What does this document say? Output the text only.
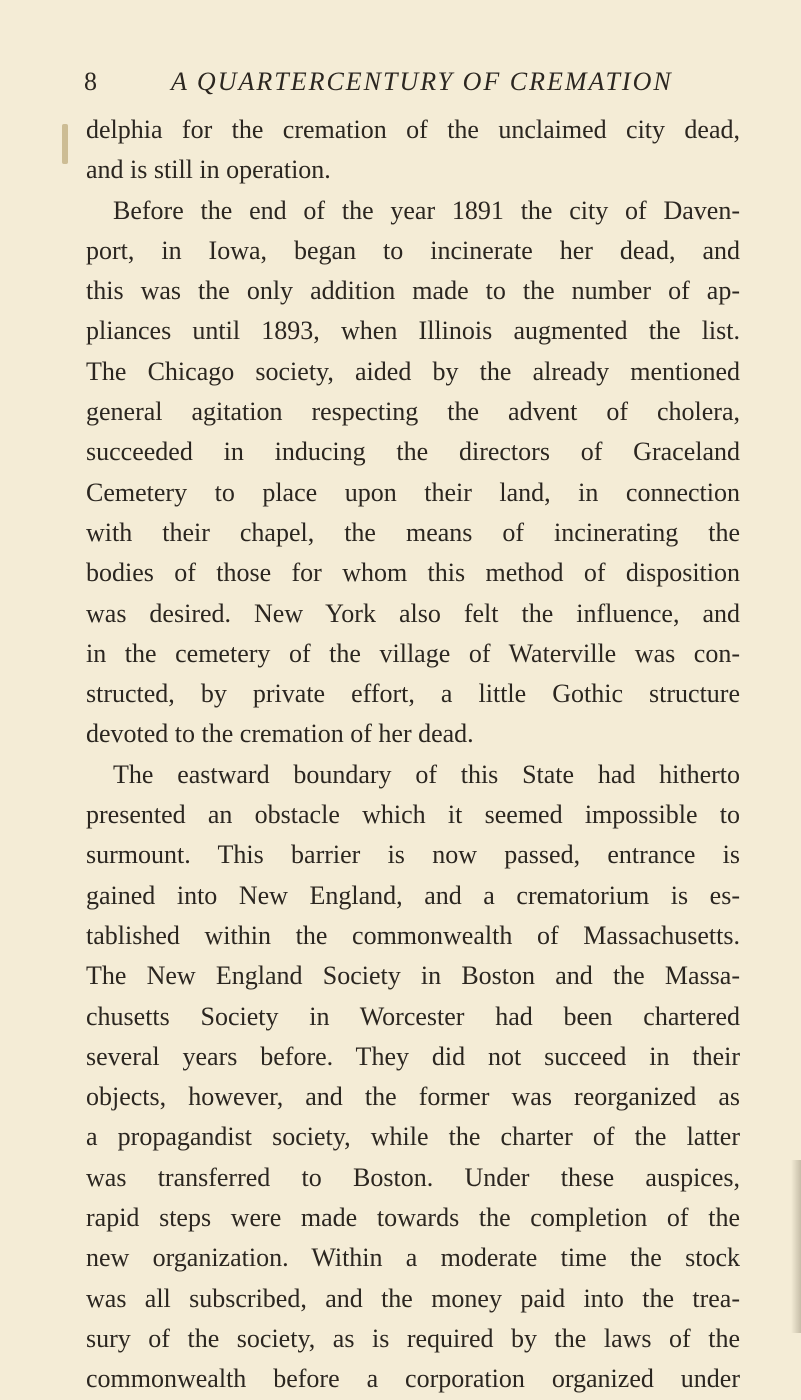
8	A QUARTERCENTURY OF CREMATION
delphia for the cremation of the unclaimed city dead,
and is still in operation.
Before the end of the year 1891 the city of Daven-
port, in Iowa, began to incinerate her dead, and
this was the only addition made to the number of ap-
pliances until 1893, when Illinois augmented the list.
The Chicago society, aided by the already mentioned
general agitation respecting the advent of cholera,
succeeded in inducing the directors of Graceland
Cemetery to place upon their land, in connection
with their chapel, the means of incinerating the
bodies of those for whom this method of disposition
was desired. New York also felt the influence, and
in the cemetery of the village of Waterville was con-
structed, by private effort, a little Gothic structure
devoted to the cremation of her dead.
The eastward boundary of this State had hitherto
presented an obstacle which it seemed impossible to
surmount. This barrier is now passed, entrance is
gained into New England, and a crematorium is es-
tablished within the commonwealth of Massachusetts.
The New England Society in Boston and the Massa-
chusetts Society in Worcester had been chartered
several years before. They did not succeed in their
objects, however, and the former was reorganized as
a propagandist society, while the charter of the latter
was transferred to Boston. Under these auspices,
rapid steps were made towards the completion of the
new organization. Within a moderate time the stock
was all subscribed, and the money paid into the trea-
sury of the society, as is required by the laws of the
commonwealth before a corporation organized under
